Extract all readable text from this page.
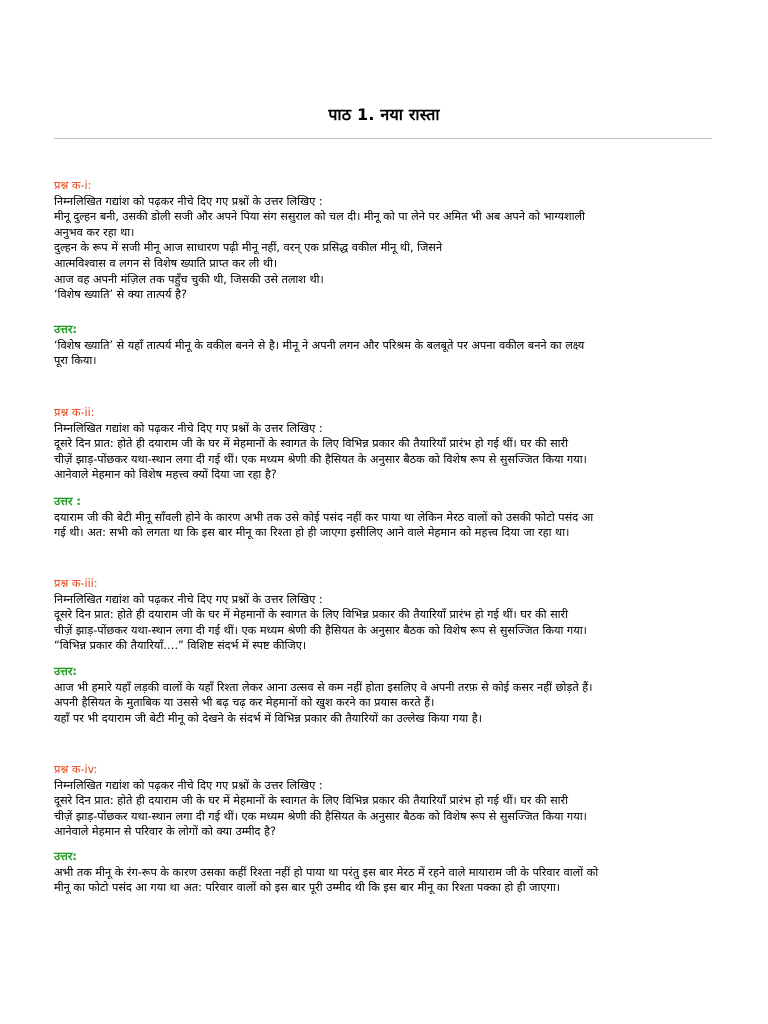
पाठ 1. नया रास्ता
प्रश्न क-i:
निम्नलिखित गद्यांश को पढ़कर नीचे दिए गए प्रश्नों के उत्तर लिखिए :
मीनू दुल्हन बनी, उसकी डोली सजी और अपने पिया संग ससुराल को चल दी। मीनू को पा लेने पर अमित भी अब अपने को भाग्यशाली
अनुभव कर रहा था।
दुल्हन के रूप में सजी मीनू आज साधारण पढ़ी मीनू नहीं, वरन् एक प्रसिद्ध वकील मीनू थी, जिसने
आत्मविश्वास व लगन से विशेष ख्याति प्राप्त कर ली थी।
आज वह अपनी मंज़िल तक पहुँच चुकी थी, जिसकी उसे तलाश थी।
‘विशेष ख्याति’ से क्या तात्पर्य है?
उत्तर:
‘विशेष ख्याति’ से यहाँ तात्पर्य मीनू के वकील बनने से है। मीनू ने अपनी लगन और परिश्रम के बलबूते पर अपना वकील बनने का लक्ष्य
पूरा किया।
प्रश्न क-ii:
निम्नलिखित गद्यांश को पढ़कर नीचे दिए गए प्रश्नों के उत्तर लिखिए :
दूसरे दिन प्रात: होते ही दयाराम जी के घर में मेहमानों के स्वागत के लिए विभिन्न प्रकार की तैयारियाँ प्रारंभ हो गई थीं। घर की सारी
चीज़ें झाड़-पोंछकर यथा-स्थान लगा दी गई थीं। एक मध्यम श्रेणी की हैसियत के अनुसार बैठक को विशेष रूप से सुसज्जित किया गया।
आनेवाले मेहमान को विशेष महत्त्व क्यों दिया जा रहा है?
उत्तर :
दयाराम जी की बेटी मीनू साँवली होने के कारण अभी तक उसे कोई पसंद नहीं कर पाया था लेकिन मेरठ वालों को उसकी फोटो पसंद आ
गई थी। अत: सभी को लगता था कि इस बार मीनू का रिश्ता हो ही जाएगा इसीलिए आने वाले मेहमान को महत्त्व दिया जा रहा था।
प्रश्न क-iii:
निम्नलिखित गद्यांश को पढ़कर नीचे दिए गए प्रश्नों के उत्तर लिखिए :
दूसरे दिन प्रात: होते ही दयाराम जी के घर में मेहमानों के स्वागत के लिए विभिन्न प्रकार की तैयारियाँ प्रारंभ हो गई थीं। घर की सारी
चीज़ें झाड़-पोंछकर यथा-स्थान लगा दी गई थीं। एक मध्यम श्रेणी की हैसियत के अनुसार बैठक को विशेष रूप से सुसज्जित किया गया।
“विभिन्न प्रकार की तैयारियाँ….” विशिष्ट संदर्भ में स्पष्ट कीजिए।
उत्तर:
आज भी हमारे यहाँ लड़की वालों के यहाँ रिश्ता लेकर आना उत्सव से कम नहीं होता इसलिए वे अपनी तरफ़ से कोई कसर नहीं छोड़ते हैं।
अपनी हैसियत के मुताबिक या उससे भी बढ़ चढ़ कर मेहमानों को खुश करने का प्रयास करते हैं।
यहाँ पर भी दयाराम जी बेटी मीनू को देखने के संदर्भ में विभिन्न प्रकार की तैयारियों का उल्लेख किया गया है।
प्रश्न क-iv:
निम्नलिखित गद्यांश को पढ़कर नीचे दिए गए प्रश्नों के उत्तर लिखिए :
दूसरे दिन प्रात: होते ही दयाराम जी के घर में मेहमानों के स्वागत के लिए विभिन्न प्रकार की तैयारियाँ प्रारंभ हो गई थीं। घर की सारी
चीज़ें झाड़-पोंछकर यथा-स्थान लगा दी गई थीं। एक मध्यम श्रेणी की हैसियत के अनुसार बैठक को विशेष रूप से सुसज्जित किया गया।
आनेवाले मेहमान से परिवार के लोगों को क्या उम्मीद है?
उत्तर:
अभी तक मीनू के रंग-रूप के कारण उसका कहीं रिश्ता नहीं हो पाया था परंतु इस बार मेरठ में रहने वाले मायाराम जी के परिवार वालों को
मीनू का फोटो पसंद आ गया था अत: परिवार वालों को इस बार पूरी उम्मीद थी कि इस बार मीनू का रिश्ता पक्का हो ही जाएगा।
